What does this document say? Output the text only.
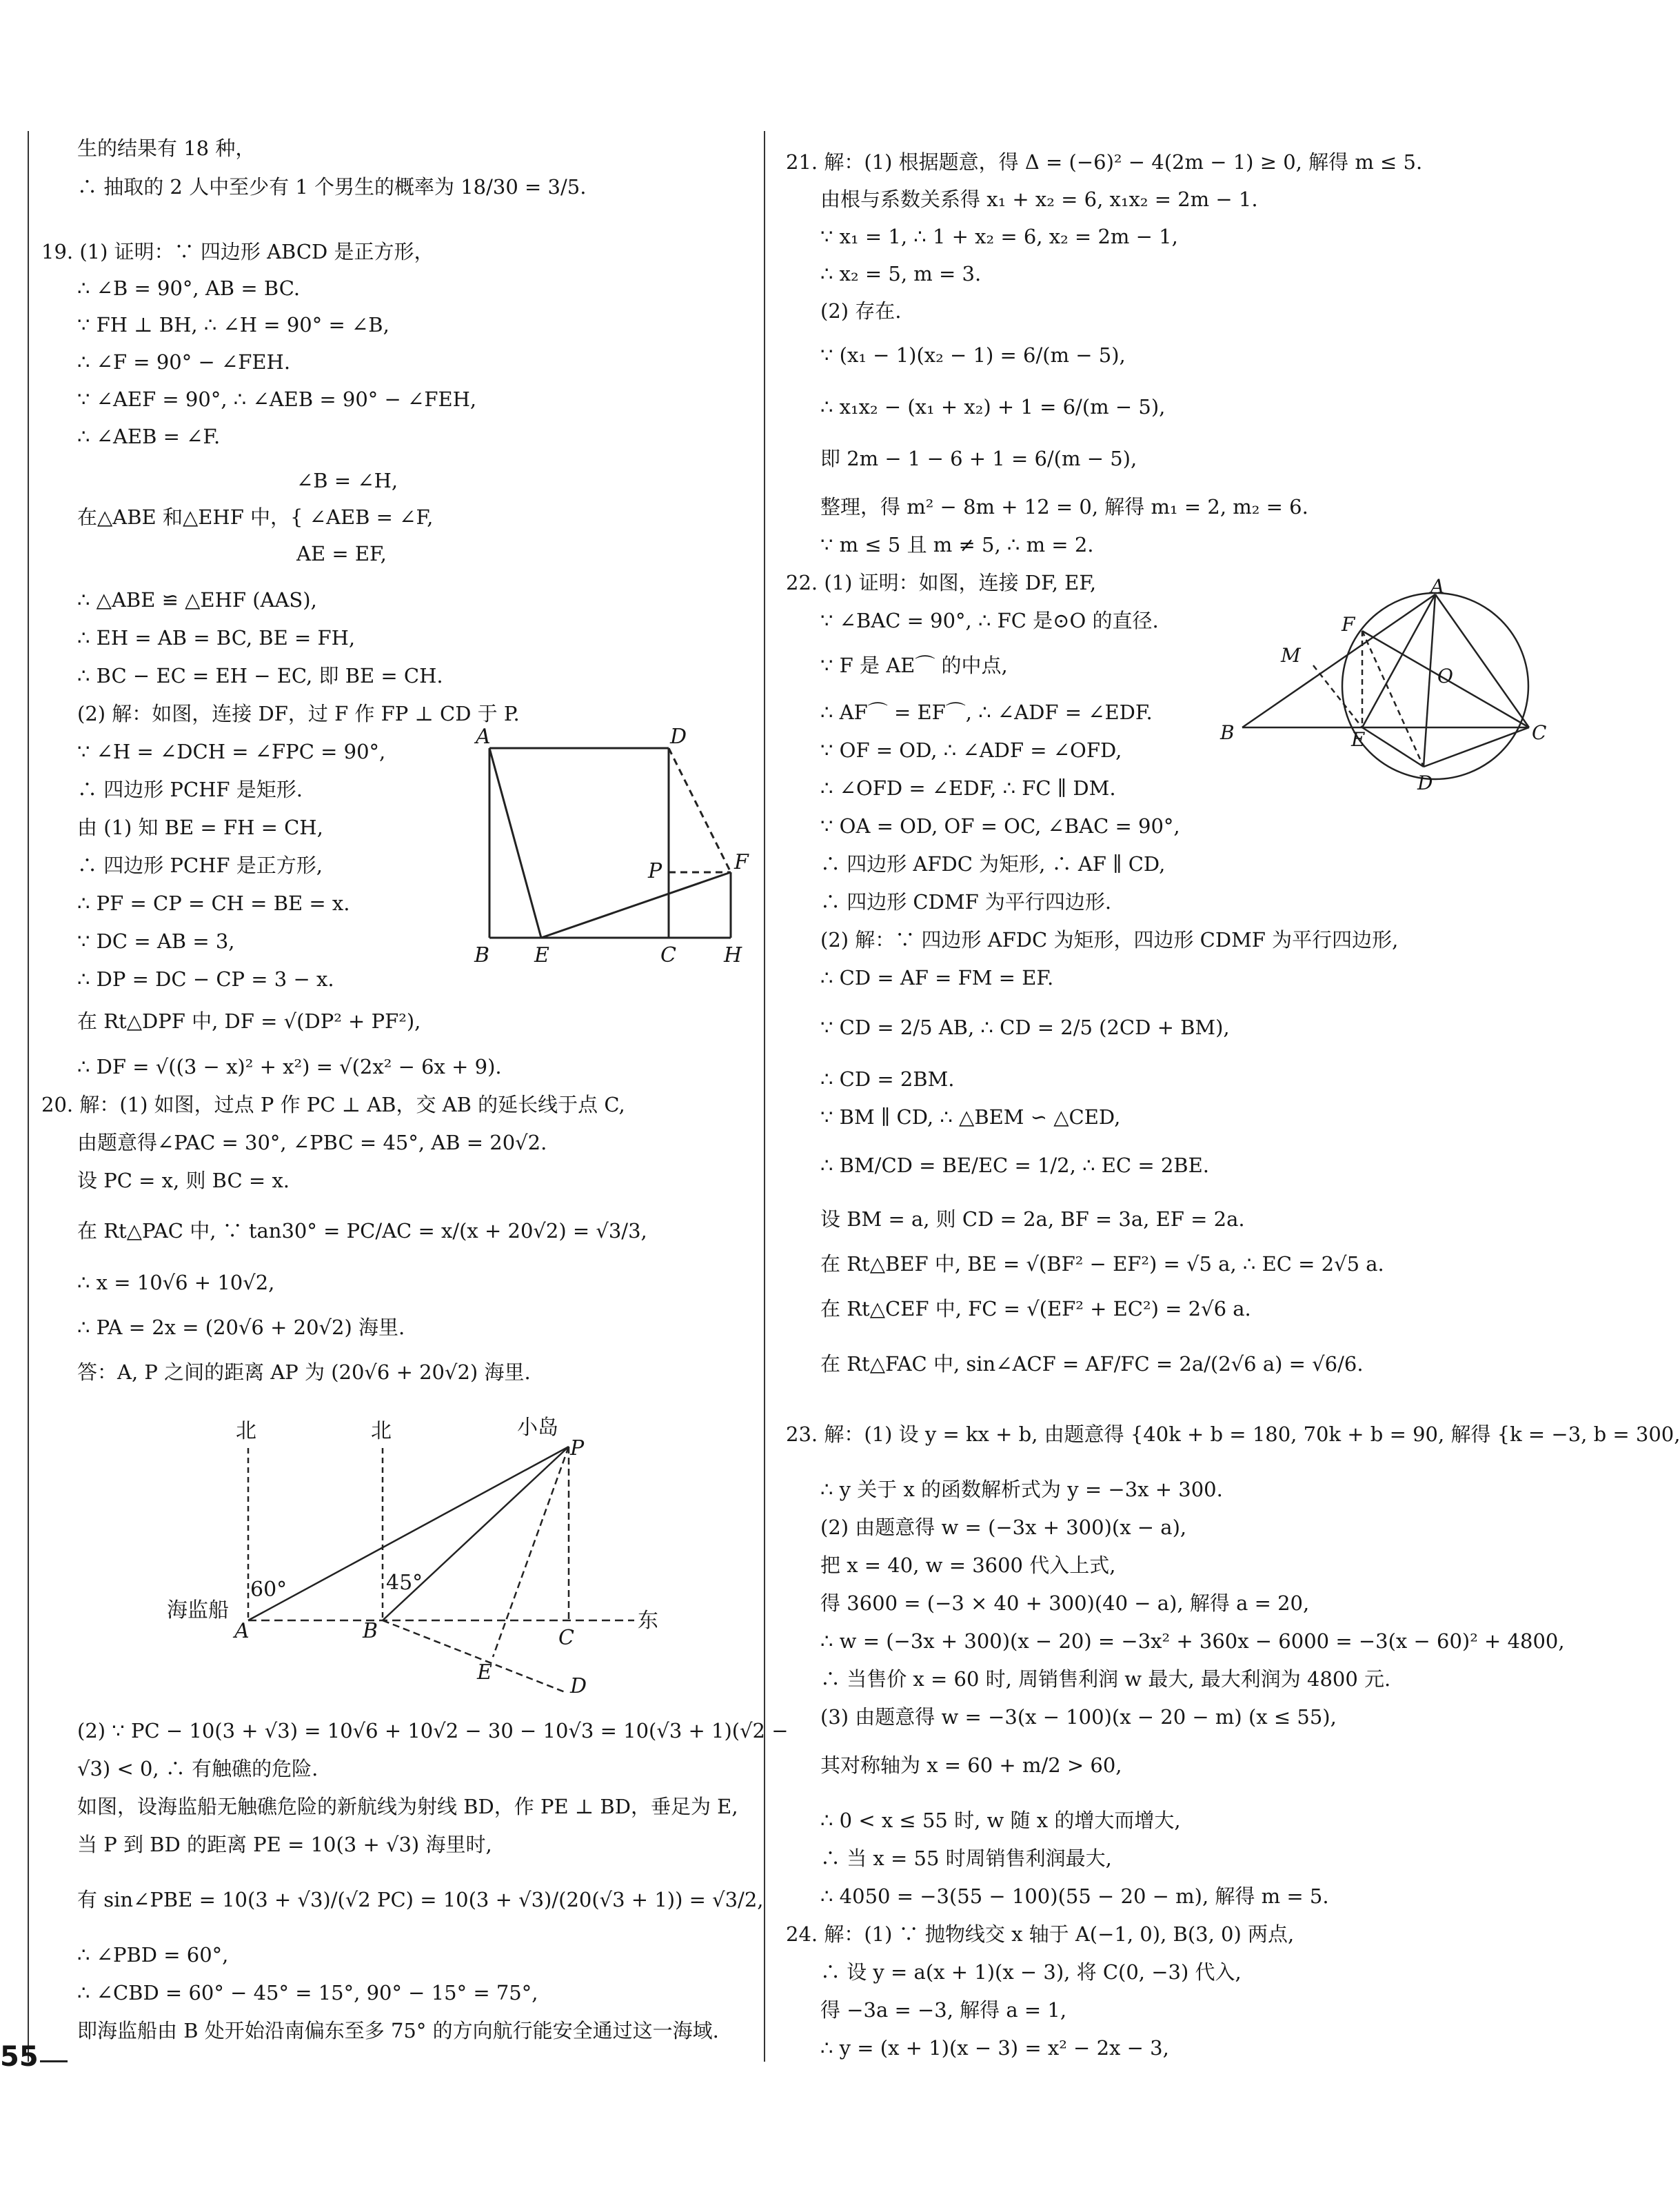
生的结果有 18 种，
∴ 抽取的 2 人中至少有 1 个男生的概率为 18/30 = 3/5.
19. (1) 证明：∵ 四边形 ABCD 是正方形，
∴ ∠B = 90°, AB = BC.
∵ FH ⊥ BH, ∴ ∠H = 90° = ∠B,
∴ ∠F = 90° − ∠FEH.
∵ ∠AEF = 90°, ∴ ∠AEB = 90° − ∠FEH,
∴ ∠AEB = ∠F.
∠B = ∠H,
在△ABE 和△EHF 中，{ ∠AEB = ∠F,
AE = EF,
∴ △ABE ≌ △EHF (AAS),
∴ EH = AB = BC, BE = FH,
∴ BC − EC = EH − EC, 即 BE = CH.
(2) 解：如图，连接 DF，过 F 作 FP ⊥ CD 于 P.
∵ ∠H = ∠DCH = ∠FPC = 90°,
∴ 四边形 PCHF 是矩形.
由 (1) 知 BE = FH = CH,
∴ 四边形 PCHF 是正方形,
∴ PF = CP = CH = BE = x.
∵ DC = AB = 3,
∴ DP = DC − CP = 3 − x.
在 Rt△DPF 中, DF = √(DP² + PF²),
∴ DF = √((3 − x)² + x²) = √(2x² − 6x + 9).
20. 解：(1) 如图，过点 P 作 PC ⊥ AB，交 AB 的延长线于点 C,
由题意得∠PAC = 30°, ∠PBC = 45°, AB = 20√2.
设 PC = x, 则 BC = x.
在 Rt△PAC 中, ∵ tan30° = PC/AC = x/(x + 20√2) = √3/3,
∴ x = 10√6 + 10√2,
∴ PA = 2x = (20√6 + 20√2) 海里.
答：A, P 之间的距离 AP 为 (20√6 + 20√2) 海里.
(2) ∵ PC − 10(3 + √3) = 10√6 + 10√2 − 30 − 10√3 = 10(√3 + 1)(√2 −
√3) < 0, ∴ 有触礁的危险.
如图，设海监船无触礁危险的新航线为射线 BD，作 PE ⊥ BD，垂足为 E,
当 P 到 BD 的距离 PE = 10(3 + √3) 海里时,
有 sin∠PBE = 10(3 + √3)/(√2 PC) = 10(3 + √3)/(20(√3 + 1)) = √3/2,
∴ ∠PBD = 60°,
∴ ∠CBD = 60° − 45° = 15°, 90° − 15° = 75°,
即海监船由 B 处开始沿南偏东至多 75° 的方向航行能安全通过这一海域.
A	D
P	F
B E	C H
北	北	小岛
P
60°	45°
海监船
A	B	C
东
E
D
21. 解：(1) 根据题意，得 Δ = (−6)² − 4(2m − 1) ≥ 0, 解得 m ≤ 5.
由根与系数关系得 x₁ + x₂ = 6, x₁x₂ = 2m − 1.
∵ x₁ = 1, ∴ 1 + x₂ = 6, x₂ = 2m − 1,
∴ x₂ = 5, m = 3.
(2) 存在.
∵ (x₁ − 1)(x₂ − 1) = 6/(m − 5),
∴ x₁x₂ − (x₁ + x₂) + 1 = 6/(m − 5),
即 2m − 1 − 6 + 1 = 6/(m − 5),
整理，得 m² − 8m + 12 = 0, 解得 m₁ = 2, m₂ = 6.
∵ m ≤ 5 且 m ≠ 5, ∴ m = 2.
22. (1) 证明：如图，连接 DF, EF,
∵ ∠BAC = 90°, ∴ FC 是⊙O 的直径.
∵ F 是 AE⌒ 的中点,
∴ AF⌒ = EF⌒, ∴ ∠ADF = ∠EDF.
∵ OF = OD, ∴ ∠ADF = ∠OFD,
∴ ∠OFD = ∠EDF, ∴ FC ∥ DM.
∵ OA = OD, OF = OC, ∠BAC = 90°,
∴ 四边形 AFDC 为矩形, ∴ AF ∥ CD,
∴ 四边形 CDMF 为平行四边形.
(2) 解：∵ 四边形 AFDC 为矩形，四边形 CDMF 为平行四边形,
∴ CD = AF = FM = EF.
∵ CD = 2/5 AB, ∴ CD = 2/5 (2CD + BM),
∴ CD = 2BM.
∵ BM ∥ CD, ∴ △BEM ∽ △CED,
∴ BM/CD = BE/EC = 1/2, ∴ EC = 2BE.
设 BM = a, 则 CD = 2a, BF = 3a, EF = 2a.
在 Rt△BEF 中, BE = √(BF² − EF²) = √5 a, ∴ EC = 2√5 a.
在 Rt△CEF 中, FC = √(EF² + EC²) = 2√6 a.
在 Rt△FAC 中, sin∠ACF = AF/FC = 2a/(2√6 a) = √6/6.
23. 解：(1) 设 y = kx + b, 由题意得 {40k + b = 180, 70k + b = 90, 解得 {k = −3, b = 300,
∴ y 关于 x 的函数解析式为 y = −3x + 300.
(2) 由题意得 w = (−3x + 300)(x − a),
把 x = 40, w = 3600 代入上式,
得 3600 = (−3 × 40 + 300)(40 − a), 解得 a = 20,
∴ w = (−3x + 300)(x − 20) = −3x² + 360x − 6000 = −3(x − 60)² + 4800,
∴ 当售价 x = 60 时, 周销售利润 w 最大, 最大利润为 4800 元.
(3) 由题意得 w = −3(x − 100)(x − 20 − m) (x ≤ 55),
其对称轴为 x = 60 + m/2 > 60,
∴ 0 < x ≤ 55 时, w 随 x 的增大而增大,
∴ 当 x = 55 时周销售利润最大,
∴ 4050 = −3(55 − 100)(55 − 20 − m), 解得 m = 5.
24. 解：(1) ∵ 抛物线交 x 轴于 A(−1, 0), B(3, 0) 两点,
∴ 设 y = a(x + 1)(x − 3), 将 C(0, −3) 代入,
得 −3a = −3, 解得 a = 1,
∴ y = (x + 1)(x − 3) = x² − 2x − 3,
A
F
M
O
B	E	C
D
55
